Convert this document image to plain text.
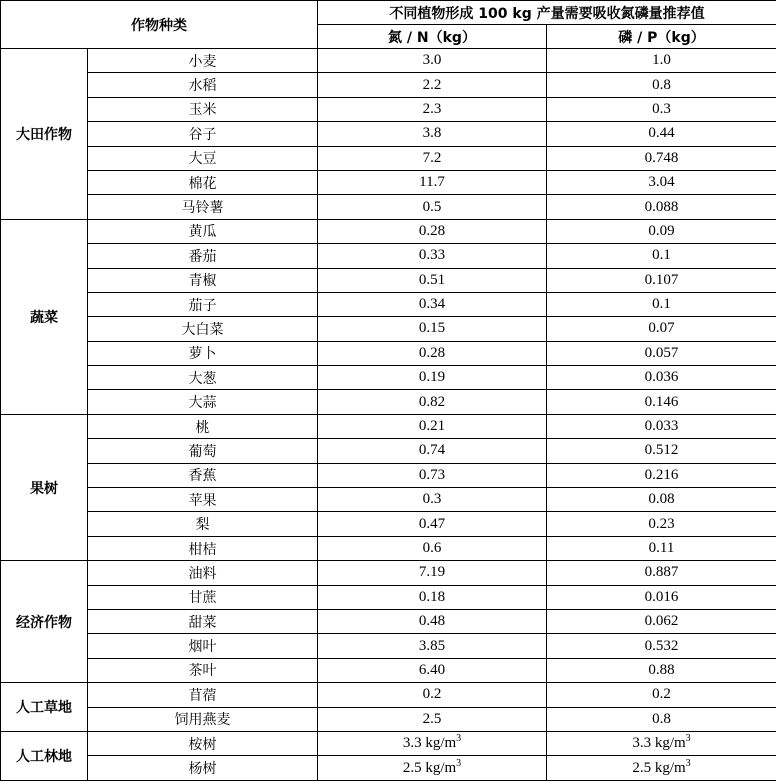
作物种类		不同植物形成 100 kg 产量需要吸收氮磷量推荐值	
		氮 / N（kg）	磷 / P（kg）
大田作物	小麦	3.0	1.0
	水稻	2.2	0.8
	玉米	2.3	0.3
	谷子	3.8	0.44
	大豆	7.2	0.748
	棉花	11.7	3.04
	马铃薯	0.5	0.088
蔬菜	黄瓜	0.28	0.09
	番茄	0.33	0.1
	青椒	0.51	0.107
	茄子	0.34	0.1
	大白菜	0.15	0.07
	萝卜	0.28	0.057
	大葱	0.19	0.036
	大蒜	0.82	0.146
果树	桃	0.21	0.033
	葡萄	0.74	0.512
	香蕉	0.73	0.216
	苹果	0.3	0.08
	梨	0.47	0.23
	柑桔	0.6	0.11
经济作物	油料	7.19	0.887
	甘蔗	0.18	0.016
	甜菜	0.48	0.062
	烟叶	3.85	0.532
	茶叶	6.40	0.88
人工草地	苜蓿	0.2	0.2
	饲用燕麦	2.5	0.8
人工林地	桉树	3.3 $kg/m^3$	3.3 $kg/m^3$
	杨树	2.5 $kg/m^3$	2.5 $kg/m^3$
